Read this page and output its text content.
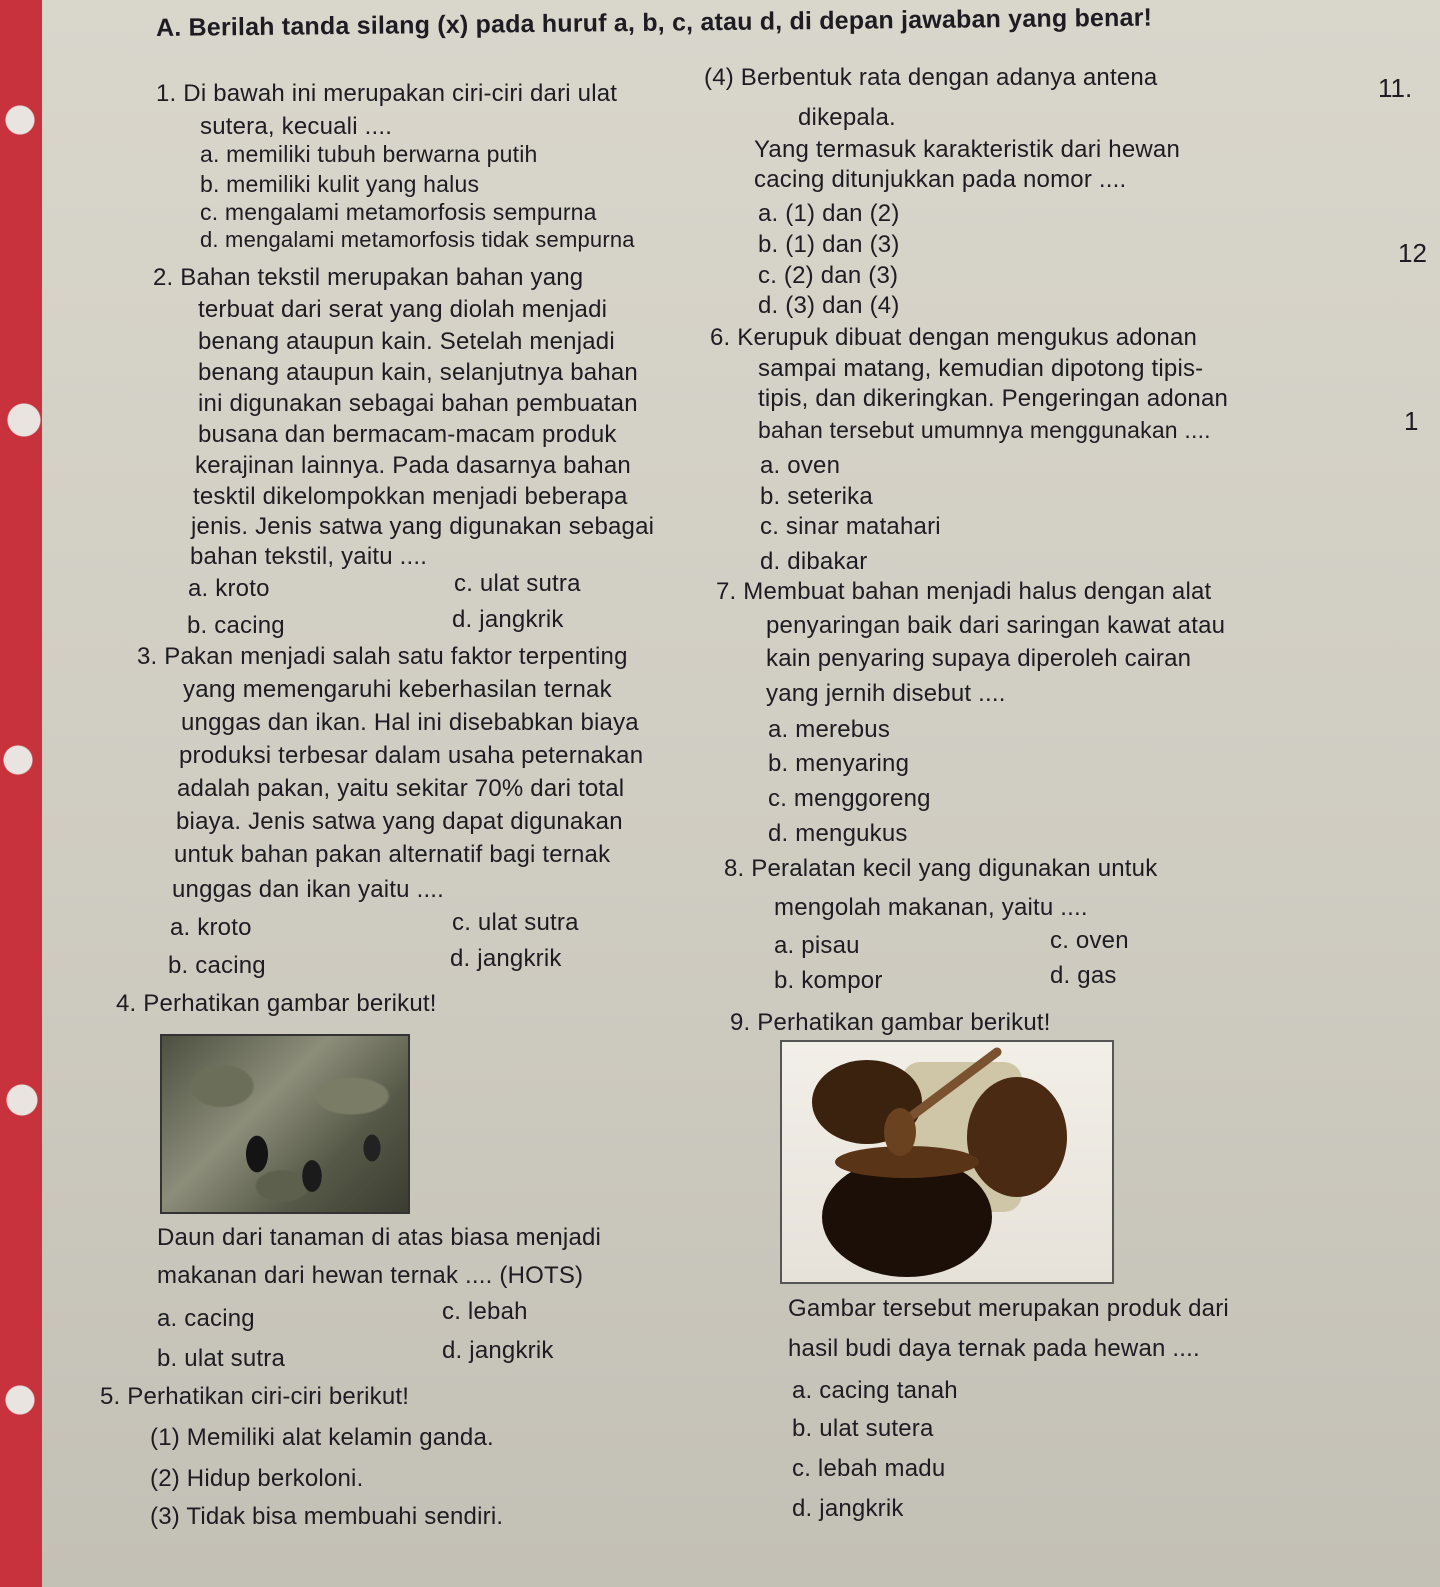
A. Berilah tanda silang (x) pada huruf a, b, c, atau d, di depan jawaban yang benar!
1. Di bawah ini merupakan ciri-ciri dari ulat
sutera, kecuali ....
a. memiliki tubuh berwarna putih
b. memiliki kulit yang halus
c. mengalami metamorfosis sempurna
d. mengalami metamorfosis tidak sempurna
2. Bahan tekstil merupakan bahan yang
terbuat dari serat yang diolah menjadi
benang ataupun kain. Setelah menjadi
benang ataupun kain, selanjutnya bahan
ini digunakan sebagai bahan pembuatan
busana dan bermacam-macam produk
kerajinan lainnya. Pada dasarnya bahan
tesktil dikelompokkan menjadi beberapa
jenis. Jenis satwa yang digunakan sebagai
bahan tekstil, yaitu ....
a. kroto	c. ulat sutra
b. cacing	d. jangkrik
3. Pakan menjadi salah satu faktor terpenting
yang memengaruhi keberhasilan ternak
unggas dan ikan. Hal ini disebabkan biaya
produksi terbesar dalam usaha peternakan
adalah pakan, yaitu sekitar 70% dari total
biaya. Jenis satwa yang dapat digunakan
untuk bahan pakan alternatif bagi ternak
unggas dan ikan yaitu ....
a. kroto	c. ulat sutra
b. cacing	d. jangkrik
4. Perhatikan gambar berikut!
Daun dari tanaman di atas biasa menjadi
makanan dari hewan ternak .... (HOTS)
a. cacing	c. lebah
b. ulat sutra	d. jangkrik
5. Perhatikan ciri-ciri berikut!
(1) Memiliki alat kelamin ganda.
(2) Hidup berkoloni.
(3) Tidak bisa membuahi sendiri.
(4) Berbentuk rata dengan adanya antena
dikepala.
Yang termasuk karakteristik dari hewan
cacing ditunjukkan pada nomor ....
a. (1) dan (2)
b. (1) dan (3)
c. (2) dan (3)
d. (3) dan (4)
6. Kerupuk dibuat dengan mengukus adonan
sampai matang, kemudian dipotong tipis-
tipis, dan dikeringkan. Pengeringan adonan
bahan tersebut umumnya menggunakan ....
a. oven
b. seterika
c. sinar matahari
d. dibakar
7. Membuat bahan menjadi halus dengan alat
penyaringan baik dari saringan kawat atau
kain penyaring supaya diperoleh cairan
yang jernih disebut ....
a. merebus
b. menyaring
c. menggoreng
d. mengukus
8. Peralatan kecil yang digunakan untuk
mengolah makanan, yaitu ....
a. pisau	c. oven
b. kompor	d. gas
9. Perhatikan gambar berikut!
Gambar tersebut merupakan produk dari
hasil budi daya ternak pada hewan ....
a. cacing tanah
b. ulat sutera
c. lebah madu
d. jangkrik
11.
12
1
